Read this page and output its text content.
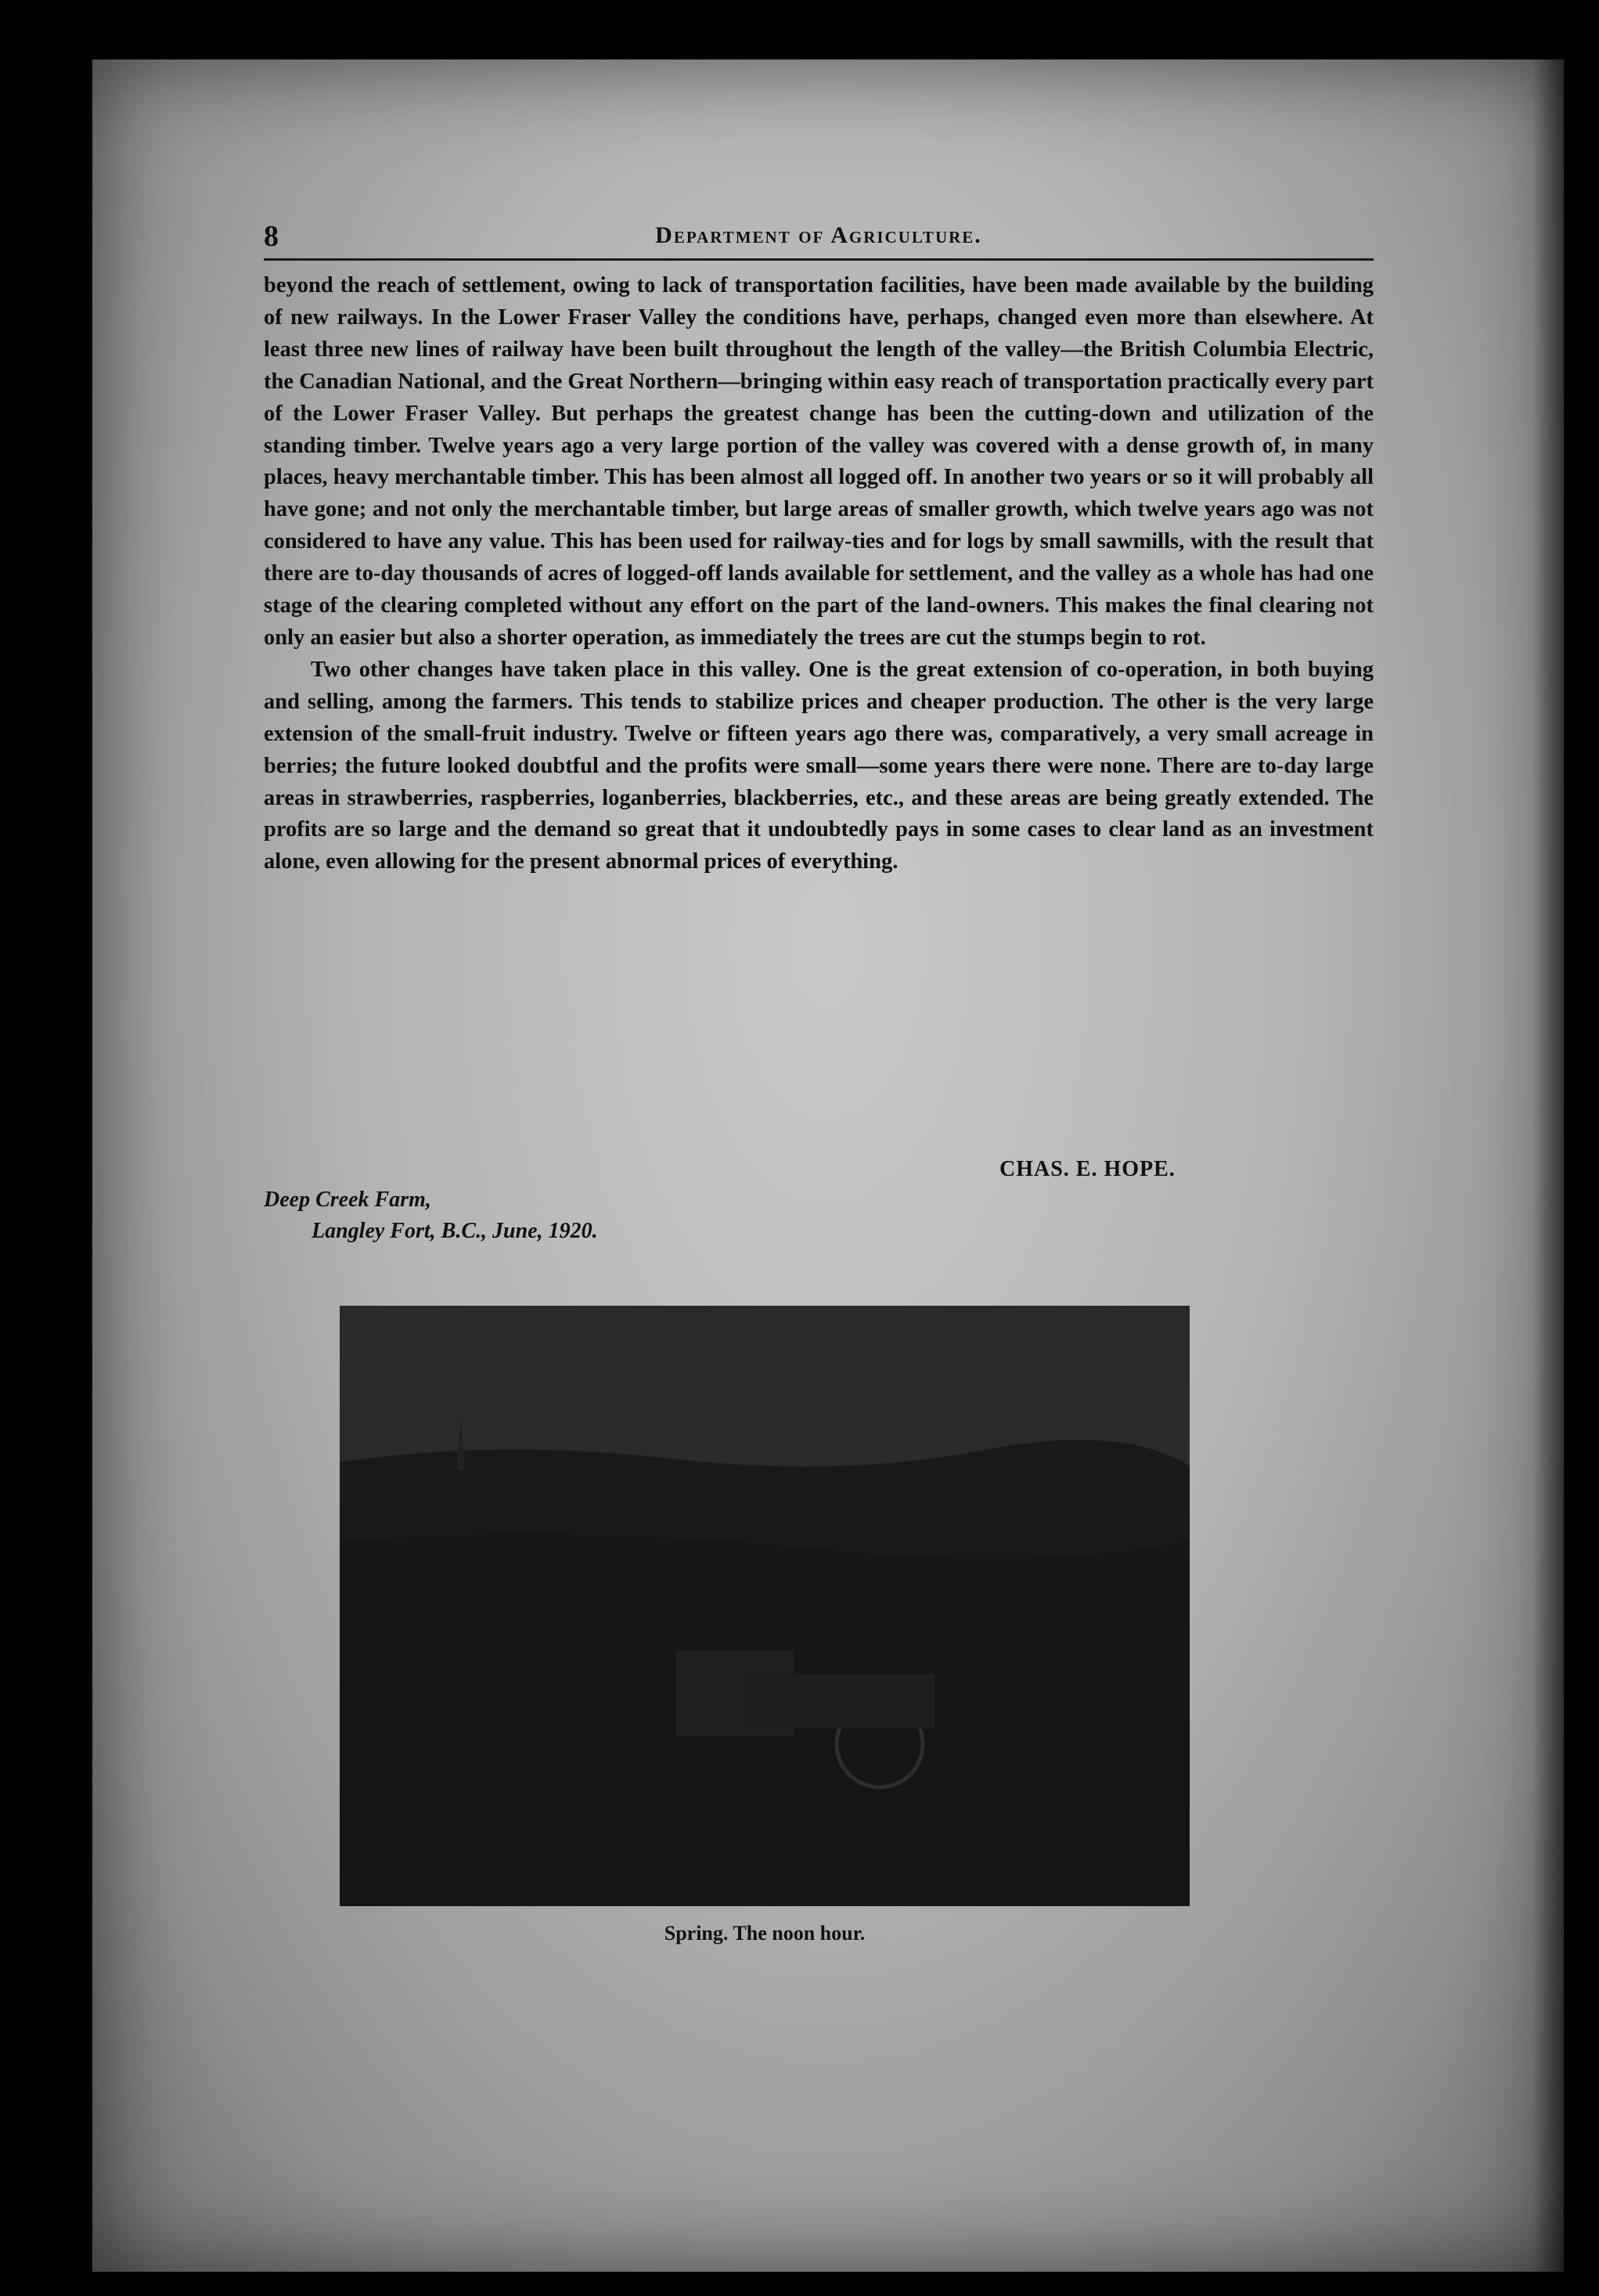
8	Department of Agriculture.

beyond the reach of settlement, owing to lack of transportation facilities, have been made available by the building of new railways. In the Lower Fraser Valley the conditions have, perhaps, changed even more than elsewhere. At least three new lines of railway have been built throughout the length of the valley—the British Columbia Electric, the Canadian National, and the Great Northern—bringing within easy reach of transportation practically every part of the Lower Fraser Valley. But perhaps the greatest change has been the cutting-down and utilization of the standing timber. Twelve years ago a very large portion of the valley was covered with a dense growth of, in many places, heavy merchantable timber. This has been almost all logged off. In another two years or so it will probably all have gone; and not only the merchantable timber, but large areas of smaller growth, which twelve years ago was not considered to have any value. This has been used for railway-ties and for logs by small sawmills, with the result that there are to-day thousands of acres of logged-off lands available for settlement, and the valley as a whole has had one stage of the clearing completed without any effort on the part of the land-owners. This makes the final clearing not only an easier but also a shorter operation, as immediately the trees are cut the stumps begin to rot.

Two other changes have taken place in this valley. One is the great extension of co-operation, in both buying and selling, among the farmers. This tends to stabilize prices and cheaper production. The other is the very large extension of the small-fruit industry. Twelve or fifteen years ago there was, comparatively, a very small acreage in berries; the future looked doubtful and the profits were small—some years there were none. There are to-day large areas in strawberries, raspberries, loganberries, blackberries, etc., and these areas are being greatly extended. The profits are so large and the demand so great that it undoubtedly pays in some cases to clear land as an investment alone, even allowing for the present abnormal prices of everything.

CHAS. E. HOPE.
Deep Creek Farm,
Langley Fort, B.C., June, 1920.
Spring. The noon hour.
